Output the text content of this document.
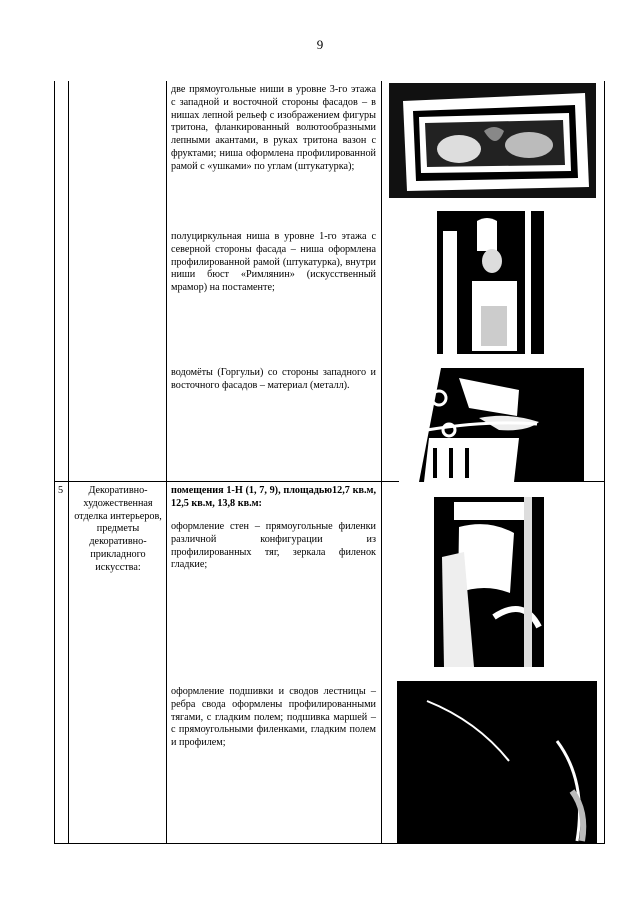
9
две прямоугольные ниши в уровне 3-го этажа с западной и восточной стороны фасадов – в нишах лепной рельеф с изображением фигуры тритона, фланкированный волютообразными лепными акантами, в руках тритона вазон с фруктами; ниша оформлена профилированной рамой с «ушками» по углам (штукатурка);
полуциркульная ниша в уровне 1-го этажа с северной стороны фасада – ниша оформлена профилированной рамой (штукатурка), внутри ниши бюст «Римлянин» (искусственный мрамор) на постаменте;
водомёты (Горгульи) со стороны западного и восточного фасадов – материал (металл).
5	Декоративно-художественная отделка интерьеров, предметы декоративно-прикладного искусства:
помещения 1-Н (1, 7, 9), площадью12,7 кв.м, 12,5 кв.м, 13,8 кв.м:
оформление стен – прямоугольные филенки различной конфигурации из профилированных тяг, зеркала филенок гладкие;
оформление подшивки и сводов лестницы – ребра свода оформлены профилированными тягами, с гладким полем; подшивка маршей – с прямоугольными филенками, гладким полем и профилем;
